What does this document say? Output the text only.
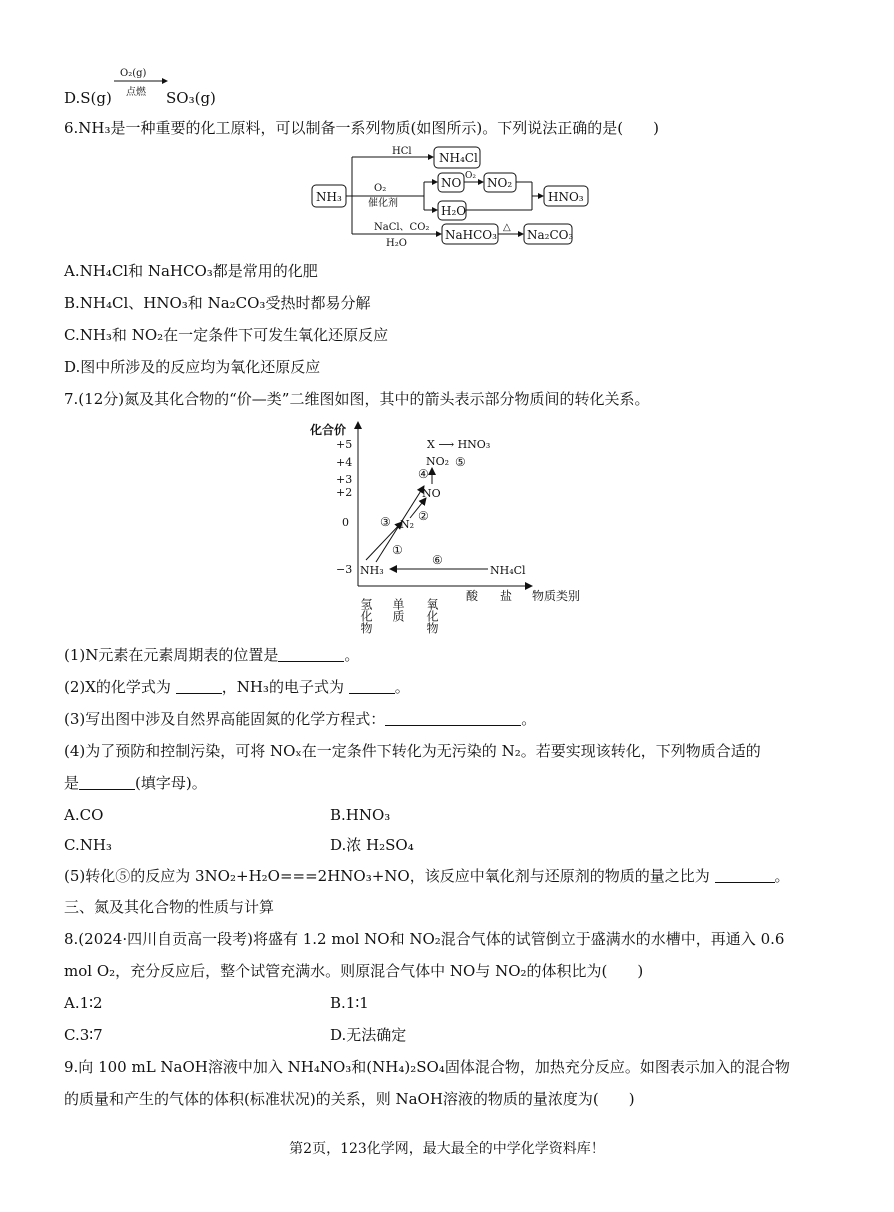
D.S(g)
O₂(g)
点燃 SO₃(g)
6.NH₃是一种重要的化工原料，可以制备一系列物质(如图所示)。下列说法正确的是(　　)
NH₃
HCl NH₄Cl
O₂
催化剂
NO O₂ NO₂
H₂O
HNO₃
NaCl、CO₂
H₂O
NaHCO₃
△
Na₂CO₃
A.NH₄Cl和 NaHCO₃都是常用的化肥
B.NH₄Cl、HNO₃和 Na₂CO₃受热时都易分解
C.NH₃和 NO₂在一定条件下可发生氧化还原反应
D.图中所涉及的反应均为氧化还原反应
7.(12分)氮及其化合物的“价—类”二维图如图，其中的箭头表示部分物质间的转化关系。
化合价
+5
+4
+3
+2
0
−3 NH₃
N₂
NO
NO₂
X ⟶ HNO₃
NH₄Cl
①
②
③
④
⑤
⑥
氢化物 单质 氧化物
酸 盐 物质类别
(1)N元素在元素周期表的位置是	。
(2)X的化学式为	，NH₃的电子式为	。
(3)写出图中涉及自然界高能固氮的化学方程式：	。
(4)为了预防和控制污染，可将 NOₓ在一定条件下转化为无污染的 N₂。若要实现该转化，下列物质合适的
是	(填字母)。
A.CO	B.HNO₃
C.NH₃	D.浓 H₂SO₄
(5)转化⑤的反应为 3NO₂+H₂O===2HNO₃+NO，该反应中氧化剂与还原剂的物质的量之比为	。
三、氮及其化合物的性质与计算
8.(2024·四川自贡高一段考)将盛有 1.2 mol NO和 NO₂混合气体的试管倒立于盛满水的水槽中，再通入 0.6
mol O₂，充分反应后，整个试管充满水。则原混合气体中 NO与 NO₂的体积比为(　　)
A.1∶2	B.1∶1
C.3∶7	D.无法确定
9.向 100 mL NaOH溶液中加入 NH₄NO₃和(NH₄)₂SO₄固体混合物，加热充分反应。如图表示加入的混合物
的质量和产生的气体的体积(标准状况)的关系，则 NaOH溶液的物质的量浓度为(　　)
第2页，123化学网，最大最全的中学化学资料库！
